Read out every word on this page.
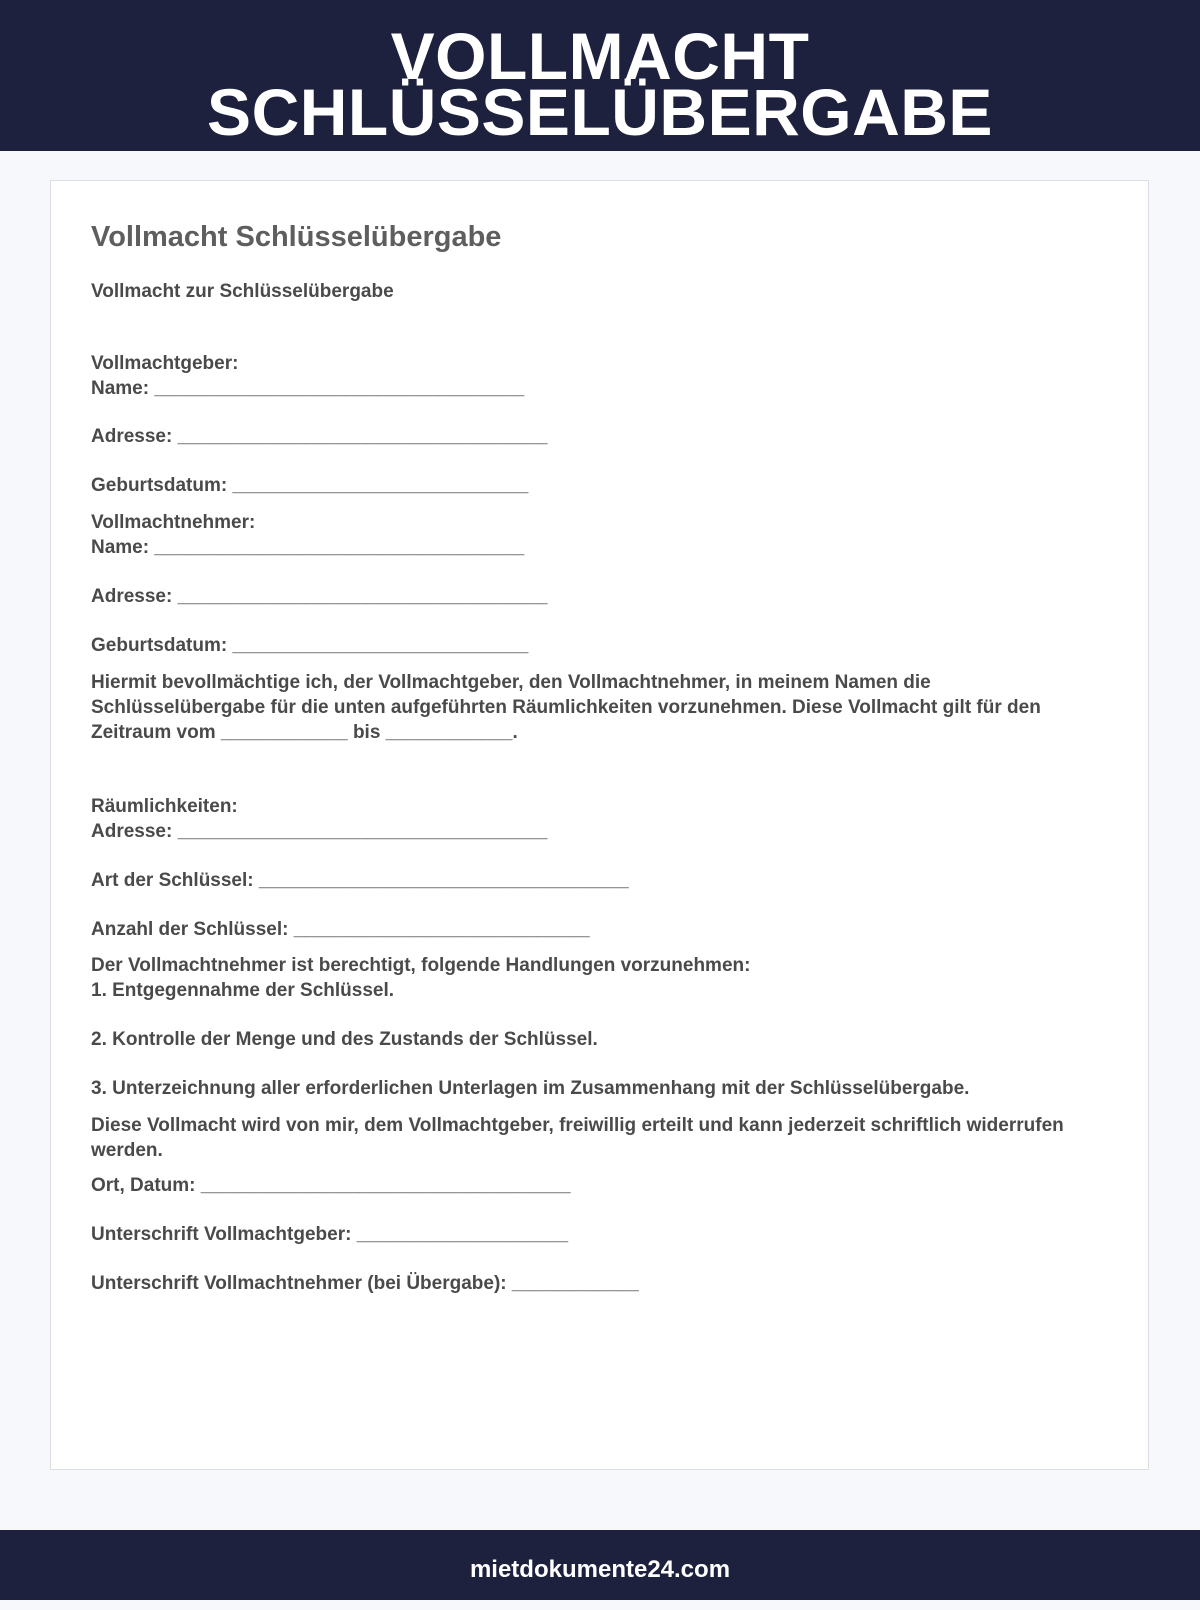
VOLLMACHT
SCHLÜSSELÜBERGABE
Vollmacht Schlüsselübergabe
Vollmacht zur Schlüsselübergabe
Vollmachtgeber:
Name: ___________________________________
Adresse: ___________________________________
Geburtsdatum: ____________________________
Vollmachtnehmer:
Name: ___________________________________
Adresse: ___________________________________
Geburtsdatum: ____________________________
Hiermit bevollmächtige ich, der Vollmachtgeber, den Vollmachtnehmer, in meinem Namen die Schlüsselübergabe für die unten aufgeführten Räumlichkeiten vorzunehmen. Diese Vollmacht gilt für den Zeitraum vom ____________ bis ____________.
Räumlichkeiten:
Adresse: ___________________________________
Art der Schlüssel: ___________________________________
Anzahl der Schlüssel: ____________________________
Der Vollmachtnehmer ist berechtigt, folgende Handlungen vorzunehmen:
1. Entgegennahme der Schlüssel.
2. Kontrolle der Menge und des Zustands der Schlüssel.
3. Unterzeichnung aller erforderlichen Unterlagen im Zusammenhang mit der Schlüsselübergabe.
Diese Vollmacht wird von mir, dem Vollmachtgeber, freiwillig erteilt und kann jederzeit schriftlich widerrufen werden.
Ort, Datum: ___________________________________
Unterschrift Vollmachtgeber: ____________________
Unterschrift Vollmachtnehmer (bei Übergabe): ____________
mietdokumente24.com
